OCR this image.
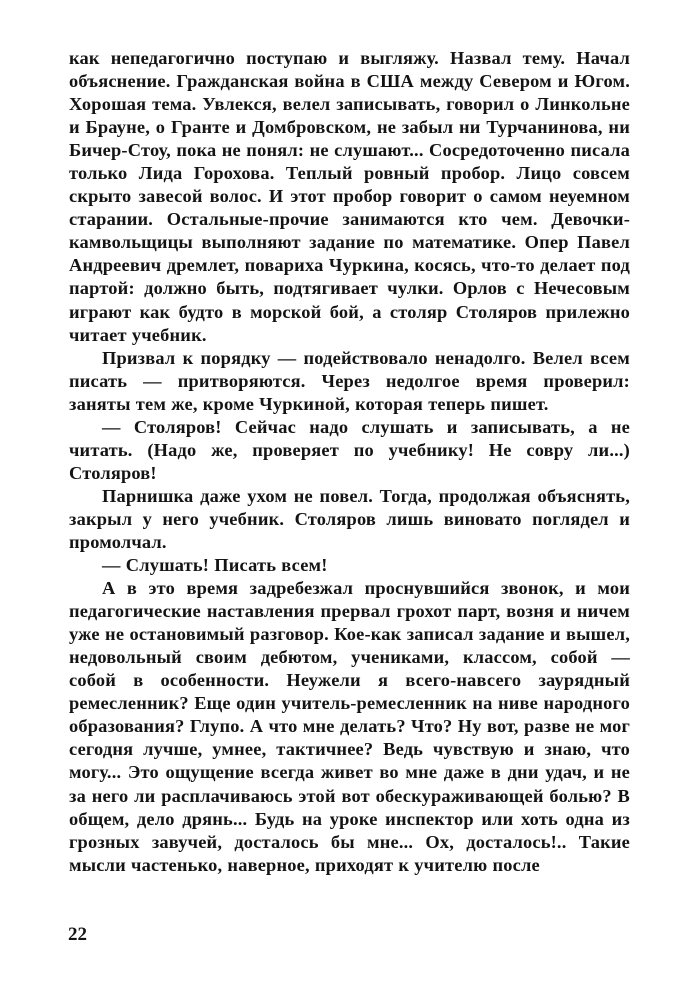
как непедагогично поступаю и выгляжу. Назвал тему. Начал объяснение. Гражданская война в США между Севером и Югом. Хорошая тема. Увлекся, велел записывать, говорил о Линкольне и Брауне, о Гранте и Домбровском, не забыл ни Турчанинова, ни Бичер-Стоу, пока не понял: не слушают... Сосредоточенно писала только Лида Горохова. Теплый ровный пробор. Лицо совсем скрыто завесой волос. И этот пробор говорит о самом неуемном старании. Остальные-прочие занимаются кто чем. Девочки-камвольщицы выполняют задание по математике. Опер Павел Андреевич дремлет, повариха Чуркина, косясь, что-то делает под партой: должно быть, подтягивает чулки. Орлов с Нечесовым играют как будто в морской бой, а столяр Столяров прилежно читает учебник.

Призвал к порядку — подействовало ненадолго. Велел всем писать — притворяются. Через недолгое время проверил: заняты тем же, кроме Чуркиной, которая теперь пишет.

— Столяров! Сейчас надо слушать и записывать, а не читать. (Надо же, проверяет по учебнику! Не совру ли...) Столяров!

Парнишка даже ухом не повел. Тогда, продолжая объяснять, закрыл у него учебник. Столяров лишь виновато поглядел и промолчал.

— Слушать! Писать всем!

А в это время задребезжал проснувшийся звонок, и мои педагогические наставления прервал грохот парт, возня и ничем уже не остановимый разговор. Кое-как записал задание и вышел, недовольный своим дебютом, учениками, классом, собой — собой в особенности. Неужели я всего-навсего заурядный ремесленник? Еще один учитель-ремесленник на ниве народного образования? Глупо. А что мне делать? Что? Ну вот, разве не мог сегодня лучше, умнее, тактичнее? Ведь чувствую и знаю, что могу... Это ощущение всегда живет во мне даже в дни удач, и не за него ли расплачиваюсь этой вот обескураживающей болью? В общем, дело дрянь... Будь на уроке инспектор или хоть одна из грозных завучей, досталось бы мне... Ох, досталось!.. Такие мысли частенько, наверное, приходят к учителю после

22
